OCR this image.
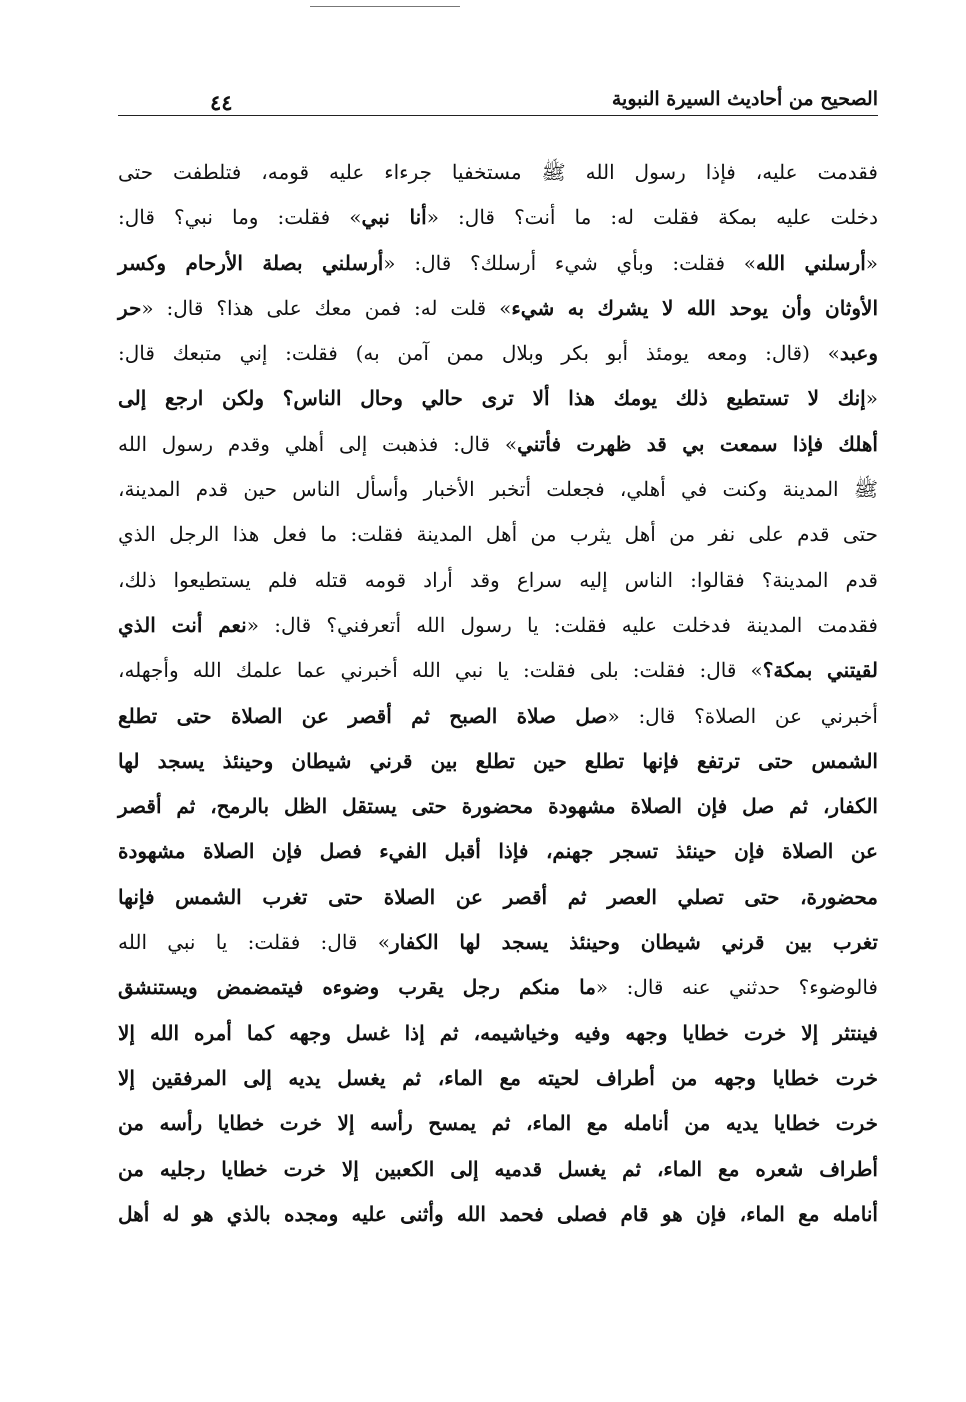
الصحيح من أحاديث السيرة النبوية
٤٤
فقدمت عليه، فإذا رسول الله ﷺ مستخفيا جرءاء عليه قومه، فتلطفت حتى
دخلت عليه بمكة فقلت له: ما أنت؟ قال: «أنا نبي» فقلت: وما نبي؟ قال:
«أرسلني الله» فقلت: وبأي شيء أرسلك؟ قال: «أرسلني بصلة الأرحام وكسر
الأوثان وأن يوحد الله لا يشرك به شيء» قلت له: فمن معك على هذا؟ قال: «حر
وعبد» (قال: ومعه يومئذ أبو بكر وبلال ممن آمن به) فقلت: إني متبعك قال:
«إنك لا تستطيع ذلك يومك هذا ألا ترى حالي وحال الناس؟ ولكن ارجع إلى
أهلك فإذا سمعت بي قد ظهرت فأتني» قال: فذهبت إلى أهلي وقدم رسول الله
ﷺ المدينة وكنت في أهلي، فجعلت أتخبر الأخبار وأسأل الناس حين قدم المدينة،
حتى قدم على نفر من أهل يثرب من أهل المدينة فقلت: ما فعل هذا الرجل الذي
قدم المدينة؟ فقالوا: الناس إليه سراع وقد أراد قومه قتله فلم يستطيعوا ذلك،
فقدمت المدينة فدخلت عليه فقلت: يا رسول الله أتعرفني؟ قال: «نعم أنت الذي
لقيتني بمكة؟» قال: فقلت: بلى فقلت: يا نبي الله أخبرني عما علمك الله وأجهله،
أخبرني عن الصلاة؟ قال: «صل صلاة الصبح ثم أقصر عن الصلاة حتى تطلع
الشمس حتى ترتفع فإنها تطلع حين تطلع بين قرني شيطان وحينئذ يسجد لها
الكفار، ثم صل فإن الصلاة مشهودة محضورة حتى يستقل الظل بالرمح، ثم أقصر
عن الصلاة فإن حينئذ تسجر جهنم، فإذا أقبل الفيء فصل فإن الصلاة مشهودة
محضورة، حتى تصلي العصر ثم أقصر عن الصلاة حتى تغرب الشمس فإنها
تغرب بين قرني شيطان وحينئذ يسجد لها الكفار» قال: فقلت: يا نبي الله
فالوضوء؟ حدثني عنه قال: «ما منكم رجل يقرب وضوءه فيتمضمض ويستنشق
فينتثر إلا خرت خطايا وجهه وفيه وخياشيمه، ثم إذا غسل وجهه كما أمره الله إلا
خرت خطايا وجهه من أطراف لحيته مع الماء، ثم يغسل يديه إلى المرفقين إلا
خرت خطايا يديه من أنامله مع الماء، ثم يمسح رأسه إلا خرت خطايا رأسه من
أطراف شعره مع الماء، ثم يغسل قدميه إلى الكعبين إلا خرت خطايا رجليه من
أنامله مع الماء، فإن هو قام فصلى فحمد الله وأثنى عليه ومجده بالذي هو له أهل
